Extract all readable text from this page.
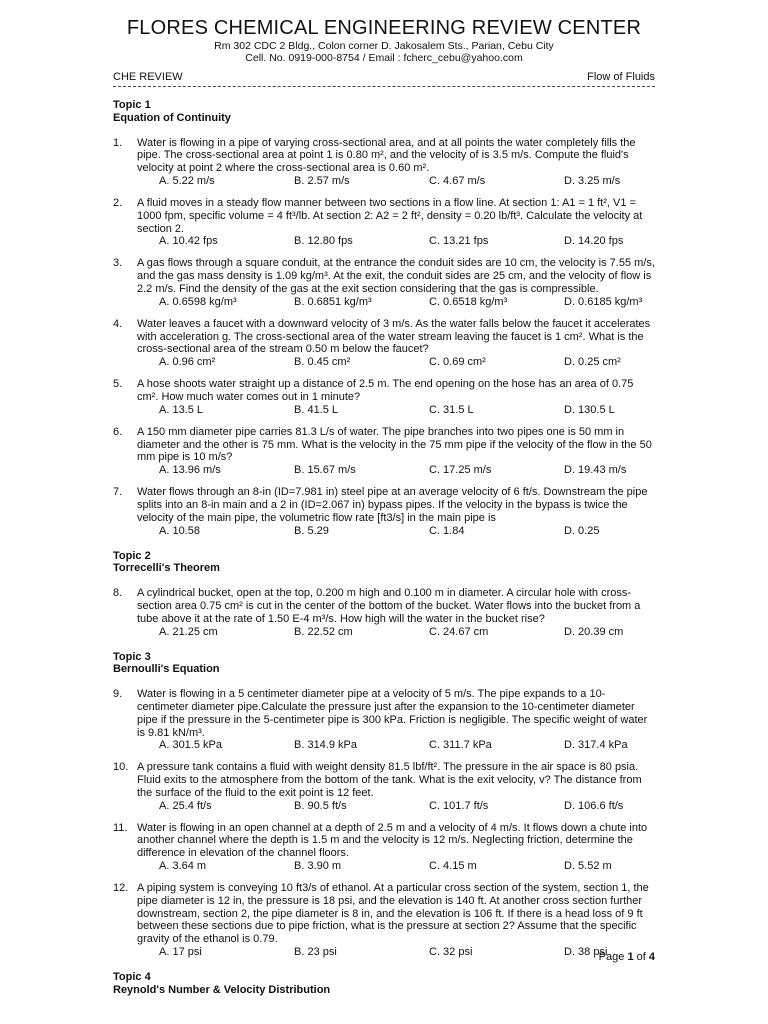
FLORES CHEMICAL ENGINEERING REVIEW CENTER
Rm 302 CDC 2 Bldg., Colon corner D. Jakosalem Sts., Parian, Cebu City
Cell. No. 0919-000-8754 / Email : fcherc_cebu@yahoo.com
CHE REVIEW	Flow of Fluids
Topic 1
Equation of Continuity
1. Water is flowing in a pipe of varying cross-sectional area, and at all points the water completely fills the pipe. The cross-sectional area at point 1 is 0.80 m², and the velocity of is 3.5 m/s. Compute the fluid's velocity at point 2 where the cross-sectional area is 0.60 m².
A. 5.22 m/s	B. 2.57 m/s	C. 4.67 m/s	D. 3.25 m/s
2. A fluid moves in a steady flow manner between two sections in a flow line. At section 1: A1 = 1 ft², V1 = 1000 fpm, specific volume = 4 ft³/lb. At section 2: A2 = 2 ft², density = 0.20 lb/ft³. Calculate the velocity at section 2.
A. 10.42 fps	B. 12.80 fps	C. 13.21 fps	D. 14.20 fps
3. A gas flows through a square conduit, at the entrance the conduit sides are 10 cm, the velocity is 7.55 m/s, and the gas mass density is 1.09 kg/m³. At the exit, the conduit sides are 25 cm, and the velocity of flow is 2.2 m/s. Find the density of the gas at the exit section considering that the gas is compressible.
A. 0.6598 kg/m³	B. 0.6851 kg/m³	C. 0.6518 kg/m³	D. 0.6185 kg/m³
4. Water leaves a faucet with a downward velocity of 3 m/s. As the water falls below the faucet it accelerates with acceleration g. The cross-sectional area of the water stream leaving the faucet is 1 cm². What is the cross-sectional area of the stream 0.50 m below the faucet?
A. 0.96 cm²	B. 0.45 cm²	C. 0.69 cm²	D. 0.25 cm²
5. A hose shoots water straight up a distance of 2.5 m. The end opening on the hose has an area of 0.75 cm². How much water comes out in 1 minute?
A. 13.5 L	B. 41.5 L	C. 31.5 L	D. 130.5 L
6. A 150 mm diameter pipe carries 81.3 L/s of water. The pipe branches into two pipes one is 50 mm in diameter and the other is 75 mm. What is the velocity in the 75 mm pipe if the velocity of the flow in the 50 mm pipe is 10 m/s?
A. 13.96 m/s	B. 15.67 m/s	C. 17.25 m/s	D. 19.43 m/s
7. Water flows through an 8-in (ID=7.981 in) steel pipe at an average velocity of 6 ft/s. Downstream the pipe splits into an 8-in main and a 2 in (ID=2.067 in) bypass pipes. If the velocity in the bypass is twice the velocity of the main pipe, the volumetric flow rate [ft3/s] in the main pipe is
A. 10.58	B. 5.29	C. 1.84	D. 0.25
Topic 2
Torrecelli's Theorem
8. A cylindrical bucket, open at the top, 0.200 m high and 0.100 m in diameter. A circular hole with cross-section area 0.75 cm² is cut in the center of the bottom of the bucket. Water flows into the bucket from a tube above it at the rate of 1.50 E-4 m³/s. How high will the water in the bucket rise?
A. 21.25 cm	B. 22.52 cm	C. 24.67 cm	D. 20.39 cm
Topic 3
Bernoulli's Equation
9. Water is flowing in a 5 centimeter diameter pipe at a velocity of 5 m/s. The pipe expands to a 10-centimeter diameter pipe.Calculate the pressure just after the expansion to the 10-centimeter diameter pipe if the pressure in the 5-centimeter pipe is 300 kPa. Friction is negligible. The specific weight of water is 9.81 kN/m³.
A. 301.5 kPa	B. 314.9 kPa	C. 311.7 kPa	D. 317.4 kPa
10. A pressure tank contains a fluid with weight density 81.5 lbf/ft². The pressure in the air space is 80 psia. Fluid exits to the atmosphere from the bottom of the tank. What is the exit velocity, v? The distance from the surface of the fluid to the exit point is 12 feet.
A. 25.4 ft/s	B. 90.5 ft/s	C. 101.7 ft/s	D. 106.6 ft/s
11. Water is flowing in an open channel at a depth of 2.5 m and a velocity of 4 m/s. It flows down a chute into another channel where the depth is 1.5 m and the velocity is 12 m/s. Neglecting friction, determine the difference in elevation of the channel floors.
A. 3.64 m	B. 3.90 m	C. 4.15 m	D. 5.52 m
12. A piping system is conveying 10 ft3/s of ethanol. At a particular cross section of the system, section 1, the pipe diameter is 12 in, the pressure is 18 psi, and the elevation is 140 ft. At another cross section further downstream, section 2, the pipe diameter is 8 in, and the elevation is 106 ft. If there is a head loss of 9 ft between these sections due to pipe friction, what is the pressure at section 2? Assume that the specific gravity of the ethanol is 0.79.
A. 17 psi	B. 23 psi	C. 32 psi	D. 38 psi
Topic 4
Reynold's Number & Velocity Distribution
Page 1 of 4
